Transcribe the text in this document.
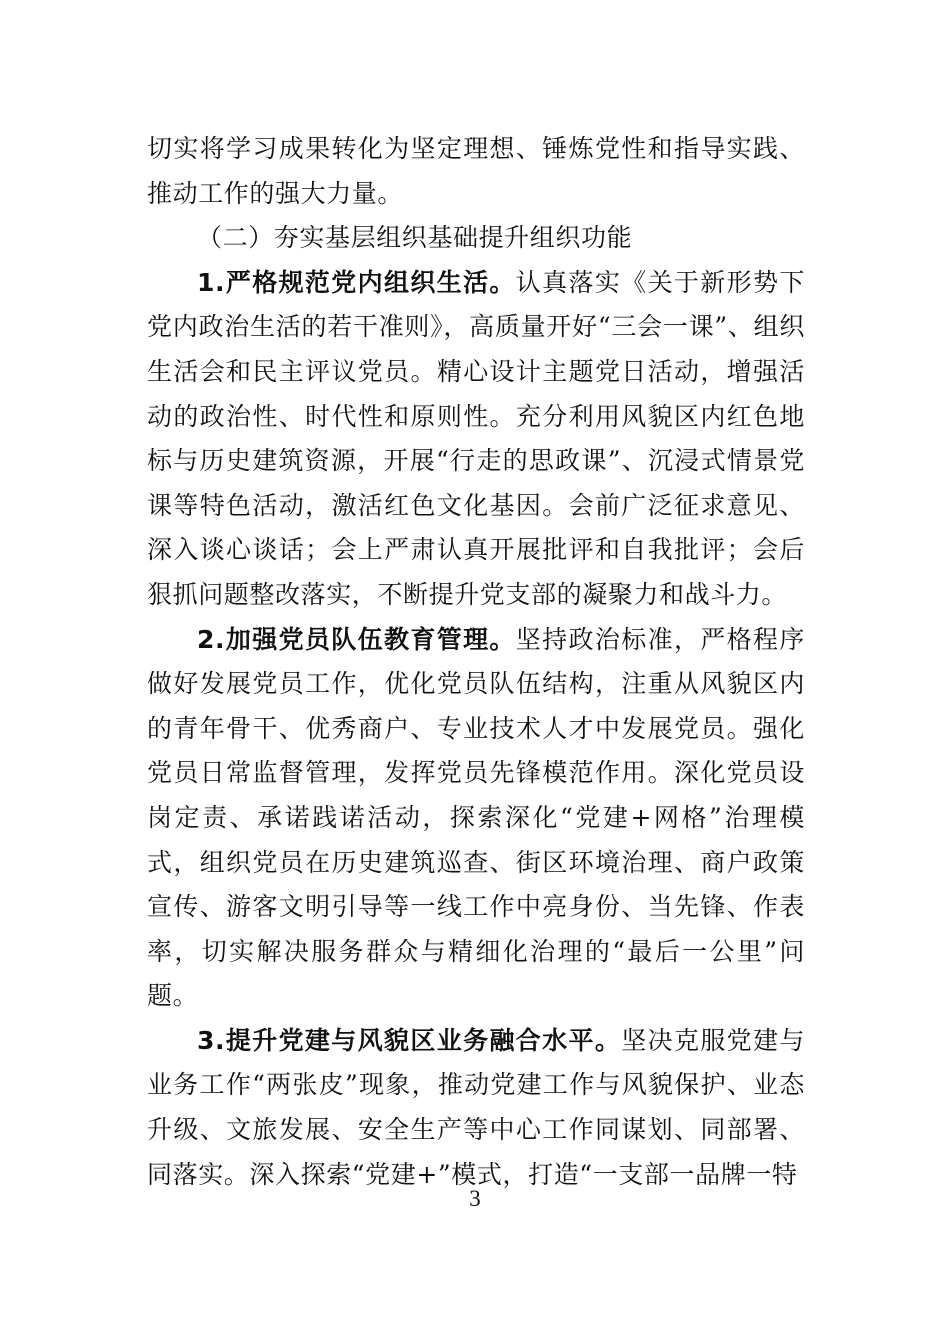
切实将学习成果转化为坚定理想、锤炼党性和指导实践、推动工作的强大力量。

（二）夯实基层组织基础提升组织功能

1.严格规范党内组织生活。认真落实《关于新形势下党内政治生活的若干准则》，高质量开好“三会一课”、组织生活会和民主评议党员。精心设计主题党日活动，增强活动的政治性、时代性和原则性。充分利用风貌区内红色地标与历史建筑资源，开展“行走的思政课”、沉浸式情景党课等特色活动，激活红色文化基因。会前广泛征求意见、深入谈心谈话；会上严肃认真开展批评和自我批评；会后狠抓问题整改落实，不断提升党支部的凝聚力和战斗力。

2.加强党员队伍教育管理。坚持政治标准，严格程序做好发展党员工作，优化党员队伍结构，注重从风貌区内的青年骨干、优秀商户、专业技术人才中发展党员。强化党员日常监督管理，发挥党员先锋模范作用。深化党员设岗定责、承诺践诺活动，探索深化“党建+网格”治理模式，组织党员在历史建筑巡查、街区环境治理、商户政策宣传、游客文明引导等一线工作中亮身份、当先锋、作表率，切实解决服务群众与精细化治理的“最后一公里”问题。

3.提升党建与风貌区业务融合水平。坚决克服党建与业务工作“两张皮”现象，推动党建工作与风貌保护、业态升级、文旅发展、安全生产等中心工作同谋划、同部署、同落实。深入探索“党建+”模式，打造“一支部一品牌一特

3
